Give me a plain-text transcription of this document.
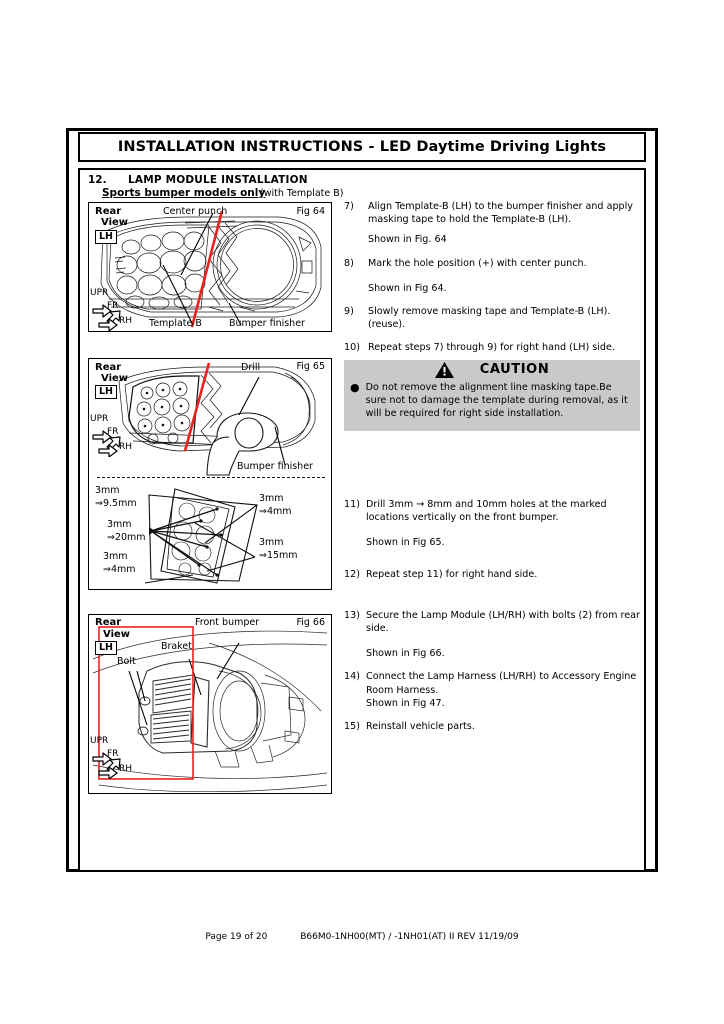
INSTALLATION INSTRUCTIONS - LED Daytime Driving Lights
12. LAMP MODULE INSTALLATION
Sports bumper models only
(with Template B)
Rear
View
LH
Center punch	Fig 64
Template B	Bumper finisher
UPR
FR
RH
Rear
View
LH
Drill	Fig 65
Bumper finisher
UPR
FR
RH
3mm
⇒9.5mm
3mm
⇒20mm
3mm
⇒4mm
3mm
⇒4mm
3mm
⇒15mm
Rear
View
LH
Front bumper	Fig 66
Braket
Bolt
UPR
FR
RH
7)	Align Template-B (LH) to the bumper finisher and apply masking tape to hold the Template-B (LH).
Shown in Fig. 64
8)	Mark the hole position (+) with center punch.
Shown in Fig 64.
9)	Slowly remove masking tape and Template-B (LH).(reuse).
10) Repeat steps 7) through 9) for right hand (LH) side.
CAUTION
● Do not remove the alignment line masking tape.Be sure not to damage the template during removal, as it will be required for right side installation.
11) Drill 3mm → 8mm and 10mm holes at the marked locations vertically on the front bumper.
Shown in Fig 65.
12) Repeat step 11) for right hand side.
13) Secure the Lamp Module (LH/RH) with bolts (2) from rear side.
Shown in Fig 66.
14) Connect the Lamp Harness (LH/RH) to Accessory Engine Room Harness.
Shown in Fig 47.
15) Reinstall vehicle parts.
Page 19 of 20	B66M0-1NH00(MT) / -1NH01(AT) II REV 11/19/09
